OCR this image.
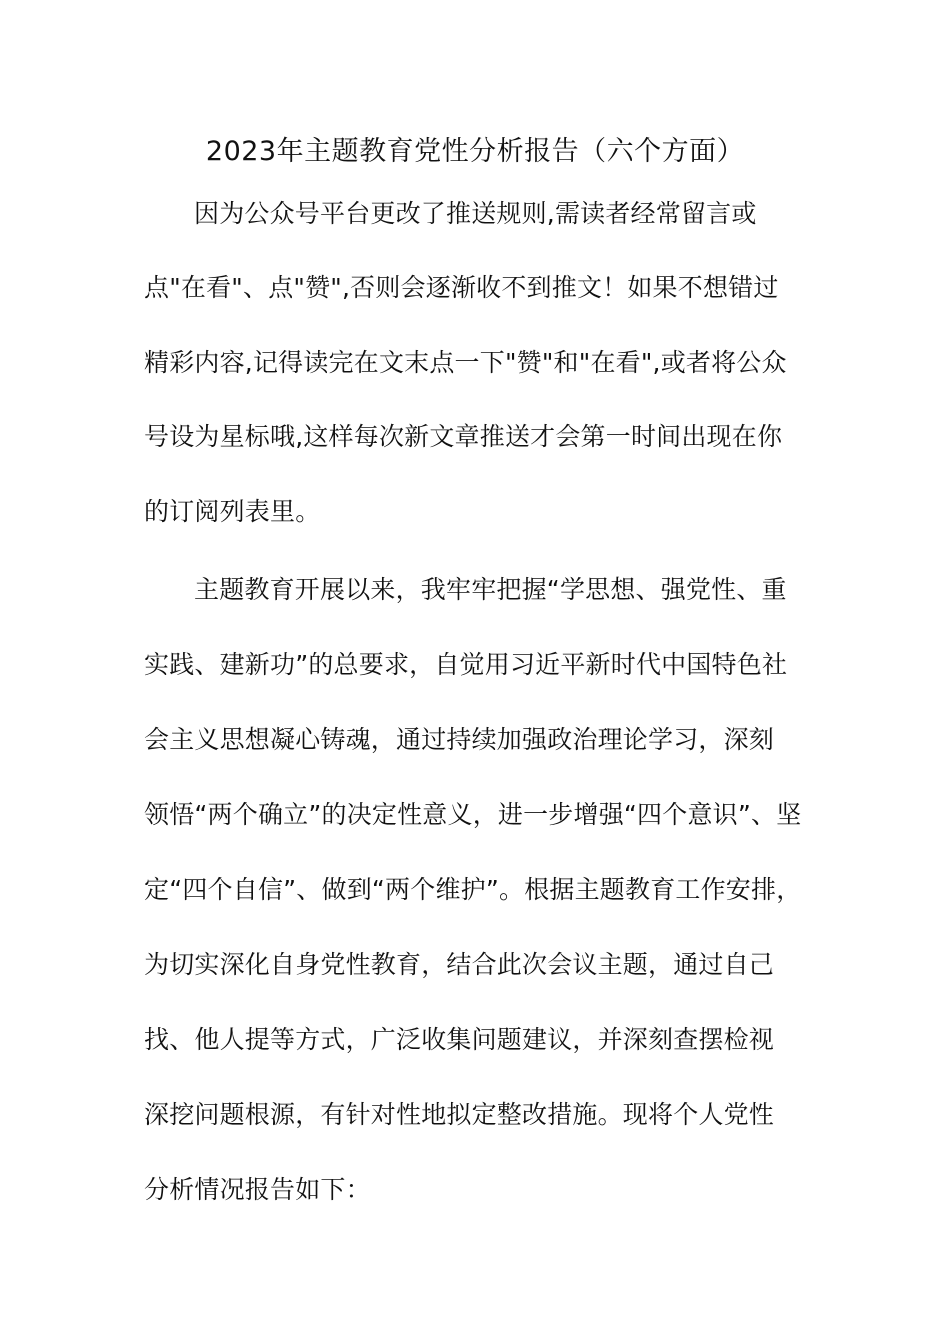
2023年主题教育党性分析报告（六个方面）
因为公众号平台更改了推送规则,需读者经常留言或
点"在看"、点"赞",否则会逐渐收不到推文！如果不想错过
精彩内容,记得读完在文末点一下"赞"和"在看",或者将公众
号设为星标哦,这样每次新文章推送才会第一时间出现在你
的订阅列表里。
主题教育开展以来，我牢牢把握“学思想、强党性、重
实践、建新功”的总要求，自觉用习近平新时代中国特色社
会主义思想凝心铸魂，通过持续加强政治理论学习，深刻
领悟“两个确立”的决定性意义，进一步增强“四个意识”、坚
定“四个自信”、做到“两个维护”。根据主题教育工作安排，
为切实深化自身党性教育，结合此次会议主题，通过自己
找、他人提等方式，广泛收集问题建议，并深刻查摆检视
深挖问题根源，有针对性地拟定整改措施。现将个人党性
分析情况报告如下：
